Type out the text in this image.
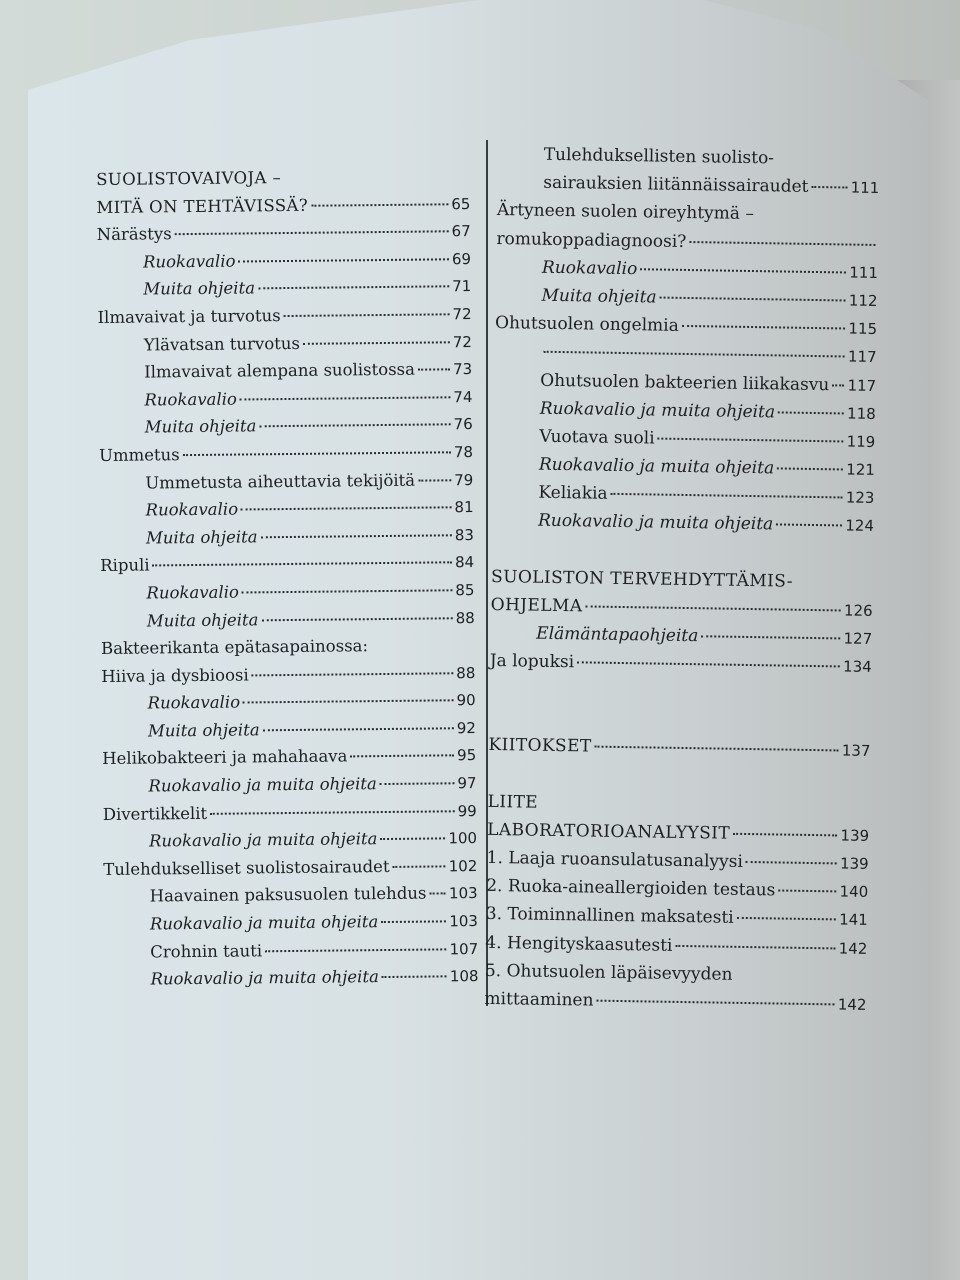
SUOLISTOVAIVOJA –
MITÄ ON TEHTÄVISSÄ?	65
Närästys	67
Ruokavalio	69
Muita ohjeita	71
Ilmavaivat ja turvotus	72
Ylävatsan turvotus	72
Ilmavaivat alempana suolistossa	73
Ruokavalio	74
Muita ohjeita	76
Ummetus	78
Ummetusta aiheuttavia tekijöitä	79
Ruokavalio	81
Muita ohjeita	83
Ripuli	84
Ruokavalio	85
Muita ohjeita	88
Bakteerikanta epätasapainossa:
Hiiva ja dysbioosi	88
Ruokavalio	90
Muita ohjeita	92
Helikobakteeri ja mahahaava	95
Ruokavalio ja muita ohjeita	97
Divertikkelit	99
Ruokavalio ja muita ohjeita	100
Tulehdukselliset suolistosairaudet	102
Haavainen paksusuolen tulehdus 103
Ruokavalio ja muita ohjeita	103
Crohnin tauti	107
Ruokavalio ja muita ohjeita	108
Tulehduksellisten suolisto-
sairauksien liitännäissairaudet	111
Ärtyneen suolen oireyhtymä –
romukoppadiagnoosi?
Ruokavalio	111
Muita ohjeita	112
Ohutsuolen ongelmia	115
117
Ohutsuolen bakteerien liikakasvu 117
Ruokavalio ja muita ohjeita	118
Vuotava suoli	119
Ruokavalio ja muita ohjeita	121
Keliakia	123
Ruokavalio ja muita ohjeita	124
SUOLISTON TERVEHDYTTÄMIS-
OHJELMA	126
Elämäntapaohjeita	127
Ja lopuksi	134
KIITOKSET	137
LIITE
LABORATORIOANALYYSIT	139
1. Laaja ruoansulatusanalyysi	139
2. Ruoka-aineallergioiden testaus	140
3. Toiminnallinen maksatesti	141
4. Hengityskaasutesti	142
5. Ohutsuolen läpäisevyyden
mittaaminen	142
